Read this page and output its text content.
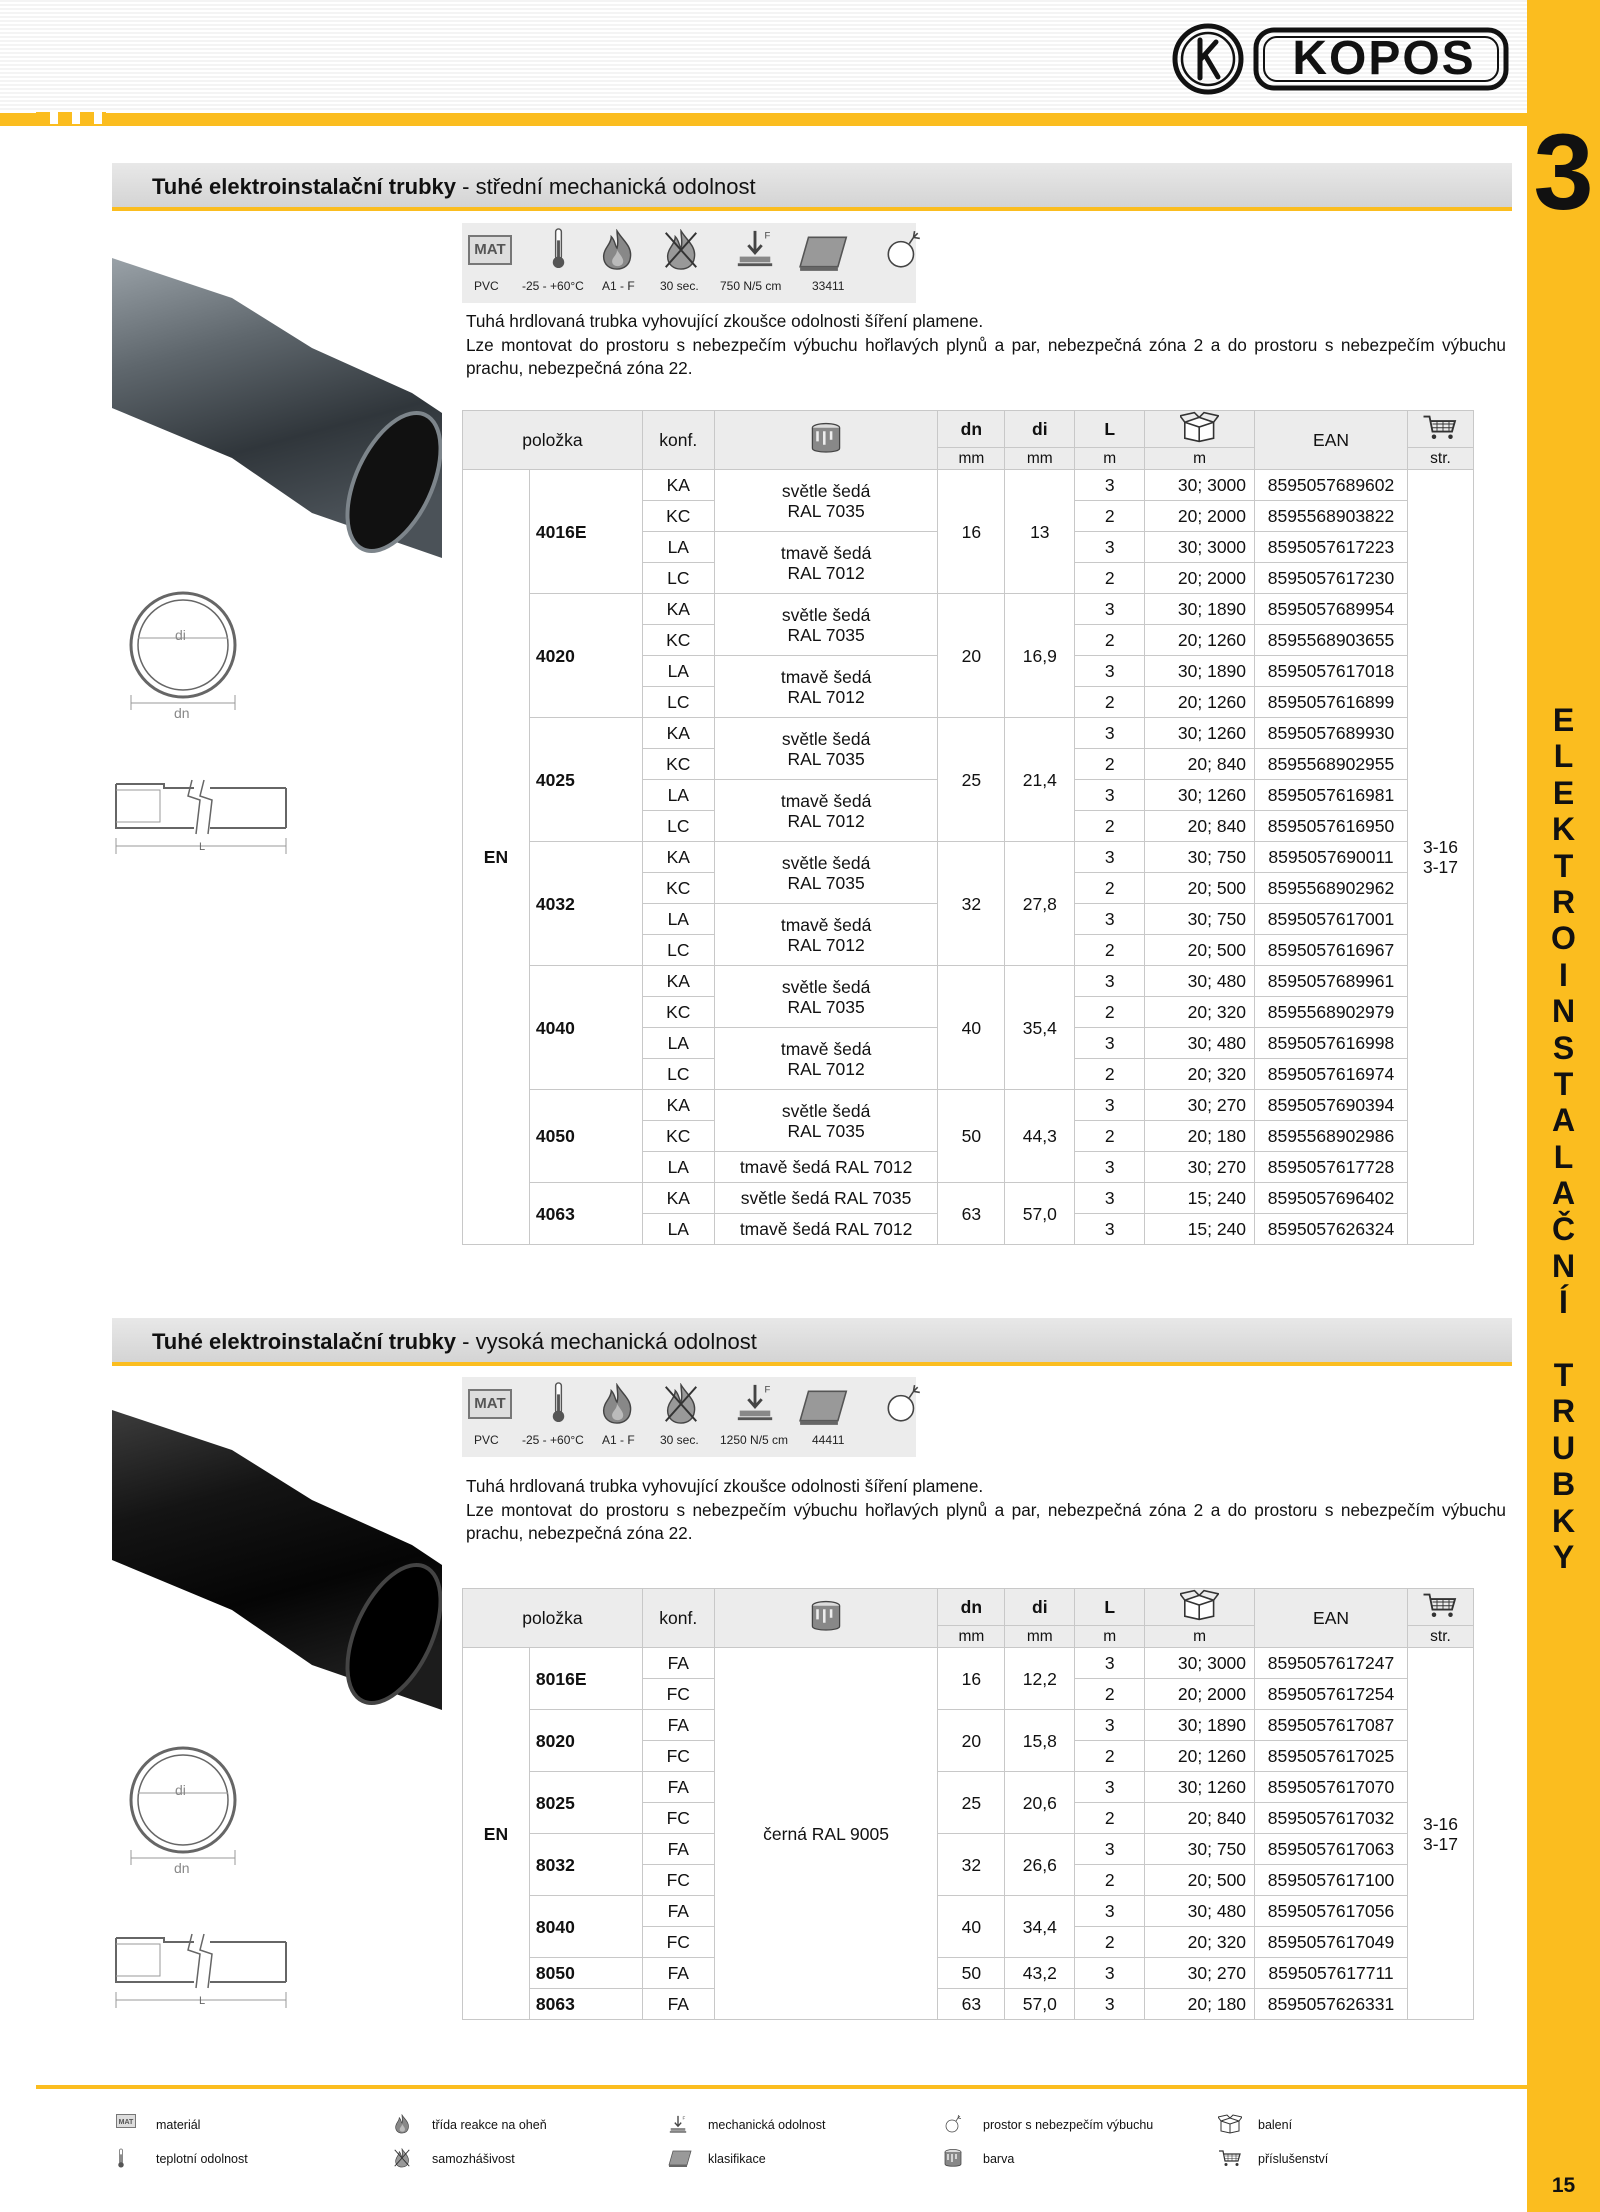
KOPOS
3
E
L
E
K
T
R
O
I
N
S
T
A
L
A
Č
N
Í
T
R
U
B
K
Y
15
Tuhé elektroinstalační trubky - střední mechanická odolnost
MAT
F
PVC -25 - +60°C A1 - F 30 sec. 750 N/5 cm	33411
Tuhá hrdlovaná trubka vyhovující zkoušce odolnosti šíření plamene.
Lze montovat do prostoru s nebezpečím výbuchu hořlavých plynů a par, nebezpečná zóna 2 a do prostoru s nebezpečím výbuchu prachu, nebezpečná zóna 22.
di
dn
L
položka		konf.		dn	di	L		EAN	
				mm	mm	m	m		str.
EN	4016E	KA	světle šedá
RAL 7035	16	13	3	30; 3000	8595057689602	3-16
3-17
		KC				2	20; 2000	8595568903822	
		LA	tmavě šedá
RAL 7012			3	30; 3000	8595057617223	
		LC				2	20; 2000	8595057617230	
	4020	KA	světle šedá
RAL 7035	20	16,9	3	30; 1890	8595057689954	
		KC				2	20; 1260	8595568903655	
		LA	tmavě šedá
RAL 7012			3	30; 1890	8595057617018	
		LC				2	20; 1260	8595057616899	
	4025	KA	světle šedá
RAL 7035	25	21,4	3	30; 1260	8595057689930	
		KC				2	20; 840	8595568902955	
		LA	tmavě šedá
RAL 7012			3	30; 1260	8595057616981	
		LC				2	20; 840	8595057616950	
	4032	KA	světle šedá
RAL 7035	32	27,8	3	30; 750	8595057690011	
		KC				2	20; 500	8595568902962	
		LA	tmavě šedá
RAL 7012			3	30; 750	8595057617001	
		LC				2	20; 500	8595057616967	
	4040	KA	světle šedá
RAL 7035	40	35,4	3	30; 480	8595057689961	
		KC				2	20; 320	8595568902979	
		LA	tmavě šedá
RAL 7012			3	30; 480	8595057616998	
		LC				2	20; 320	8595057616974	
	4050	KA	světle šedá
RAL 7035	50	44,3	3	30; 270	8595057690394	
		KC				2	20; 180	8595568902986	
		LA	tmavě šedá RAL 7012			3	30; 270	8595057617728	
	4063	KA	světle šedá RAL 7035	63	57,0	3	15; 240	8595057696402	
		LA	tmavě šedá RAL 7012			3	15; 240	8595057626324	
Tuhé elektroinstalační trubky - vysoká mechanická odolnost
MAT
F
PVC -25 - +60°C A1 - F 30 sec. 1250 N/5 cm 44411
Tuhá hrdlovaná trubka vyhovující zkoušce odolnosti šíření plamene.
Lze montovat do prostoru s nebezpečím výbuchu hořlavých plynů a par, nebezpečná zóna 2 a do prostoru s nebezpečím výbuchu prachu, nebezpečná zóna 22.
di
dn
L
položka		konf.		dn	di	L		EAN	
				mm	mm	m	m		str.
EN	8016E	FA	černá RAL 9005	16	12,2	3	30; 3000	8595057617247	3-16
3-17
		FC				2	20; 2000	8595057617254	
	8020	FA		20	15,8	3	30; 1890	8595057617087	
		FC				2	20; 1260	8595057617025	
	8025	FA		25	20,6	3	30; 1260	8595057617070	
		FC				2	20; 840	8595057617032	
	8032	FA		32	26,6	3	30; 750	8595057617063	
		FC				2	20; 500	8595057617100	
	8040	FA		40	34,4	3	30; 480	8595057617056	
		FC				2	20; 320	8595057617049	
	8050	FA		50	43,2	3	30; 270	8595057617711	
	8063	FA		63	57,0	3	20; 180	8595057626331	
MAT materiál	třída reakce na oheň
F
mechanická odolnost	prostor s nebezpečím výbuchu	balení
teplotní odolnost	samozhášivost	klasifikace	barva	příslušenství
